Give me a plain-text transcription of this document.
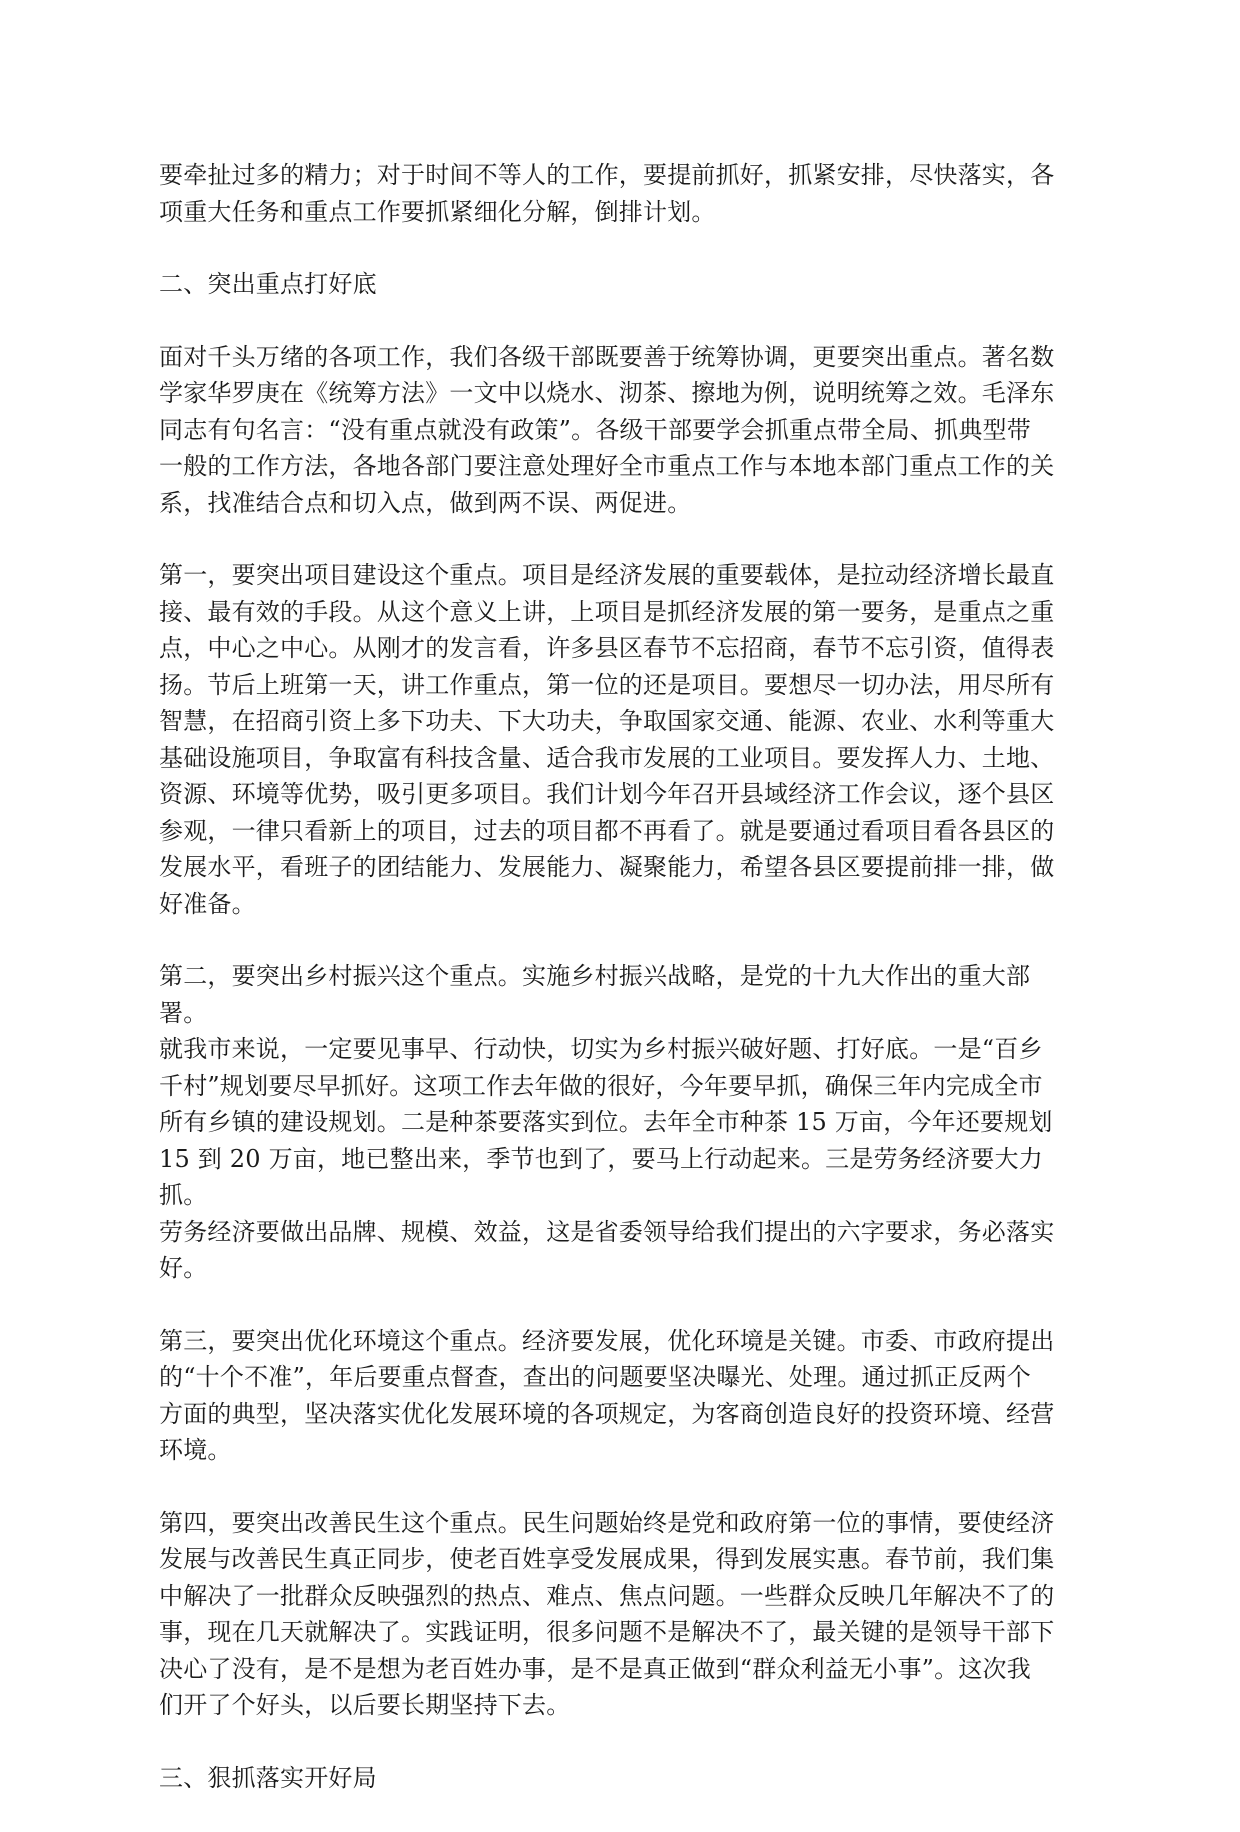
要牵扯过多的精力；对于时间不等人的工作，要提前抓好，抓紧安排，尽快落实，各
项重大任务和重点工作要抓紧细化分解，倒排计划。

二、突出重点打好底

面对千头万绪的各项工作，我们各级干部既要善于统筹协调，更要突出重点。著名数
学家华罗庚在《统筹方法》一文中以烧水、沏茶、擦地为例，说明统筹之效。毛泽东
同志有句名言：“没有重点就没有政策”。各级干部要学会抓重点带全局、抓典型带
一般的工作方法，各地各部门要注意处理好全市重点工作与本地本部门重点工作的关
系，找准结合点和切入点，做到两不误、两促进。

第一，要突出项目建设这个重点。项目是经济发展的重要载体，是拉动经济增长最直
接、最有效的手段。从这个意义上讲，上项目是抓经济发展的第一要务，是重点之重
点，中心之中心。从刚才的发言看，许多县区春节不忘招商，春节不忘引资，值得表
扬。节后上班第一天，讲工作重点，第一位的还是项目。要想尽一切办法，用尽所有
智慧，在招商引资上多下功夫、下大功夫，争取国家交通、能源、农业、水利等重大
基础设施项目，争取富有科技含量、适合我市发展的工业项目。要发挥人力、土地、
资源、环境等优势，吸引更多项目。我们计划今年召开县域经济工作会议，逐个县区
参观，一律只看新上的项目，过去的项目都不再看了。就是要通过看项目看各县区的
发展水平，看班子的团结能力、发展能力、凝聚能力，希望各县区要提前排一排，做
好准备。

第二，要突出乡村振兴这个重点。实施乡村振兴战略，是党的十九大作出的重大部署。
就我市来说，一定要见事早、行动快，切实为乡村振兴破好题、打好底。一是“百乡
千村”规划要尽早抓好。这项工作去年做的很好，今年要早抓，确保三年内完成全市
所有乡镇的建设规划。二是种茶要落实到位。去年全市种茶 15 万亩，今年还要规划
15 到 20 万亩，地已整出来，季节也到了，要马上行动起来。三是劳务经济要大力抓。
劳务经济要做出品牌、规模、效益，这是省委领导给我们提出的六字要求，务必落实
好。

第三，要突出优化环境这个重点。经济要发展，优化环境是关键。市委、市政府提出
的“十个不准”，年后要重点督查，查出的问题要坚决曝光、处理。通过抓正反两个
方面的典型，坚决落实优化发展环境的各项规定，为客商创造良好的投资环境、经营
环境。

第四，要突出改善民生这个重点。民生问题始终是党和政府第一位的事情，要使经济
发展与改善民生真正同步，使老百姓享受发展成果，得到发展实惠。春节前，我们集
中解决了一批群众反映强烈的热点、难点、焦点问题。一些群众反映几年解决不了的
事，现在几天就解决了。实践证明，很多问题不是解决不了，最关键的是领导干部下
决心了没有，是不是想为老百姓办事，是不是真正做到“群众利益无小事”。这次我
们开了个好头，以后要长期坚持下去。

三、狠抓落实开好局
